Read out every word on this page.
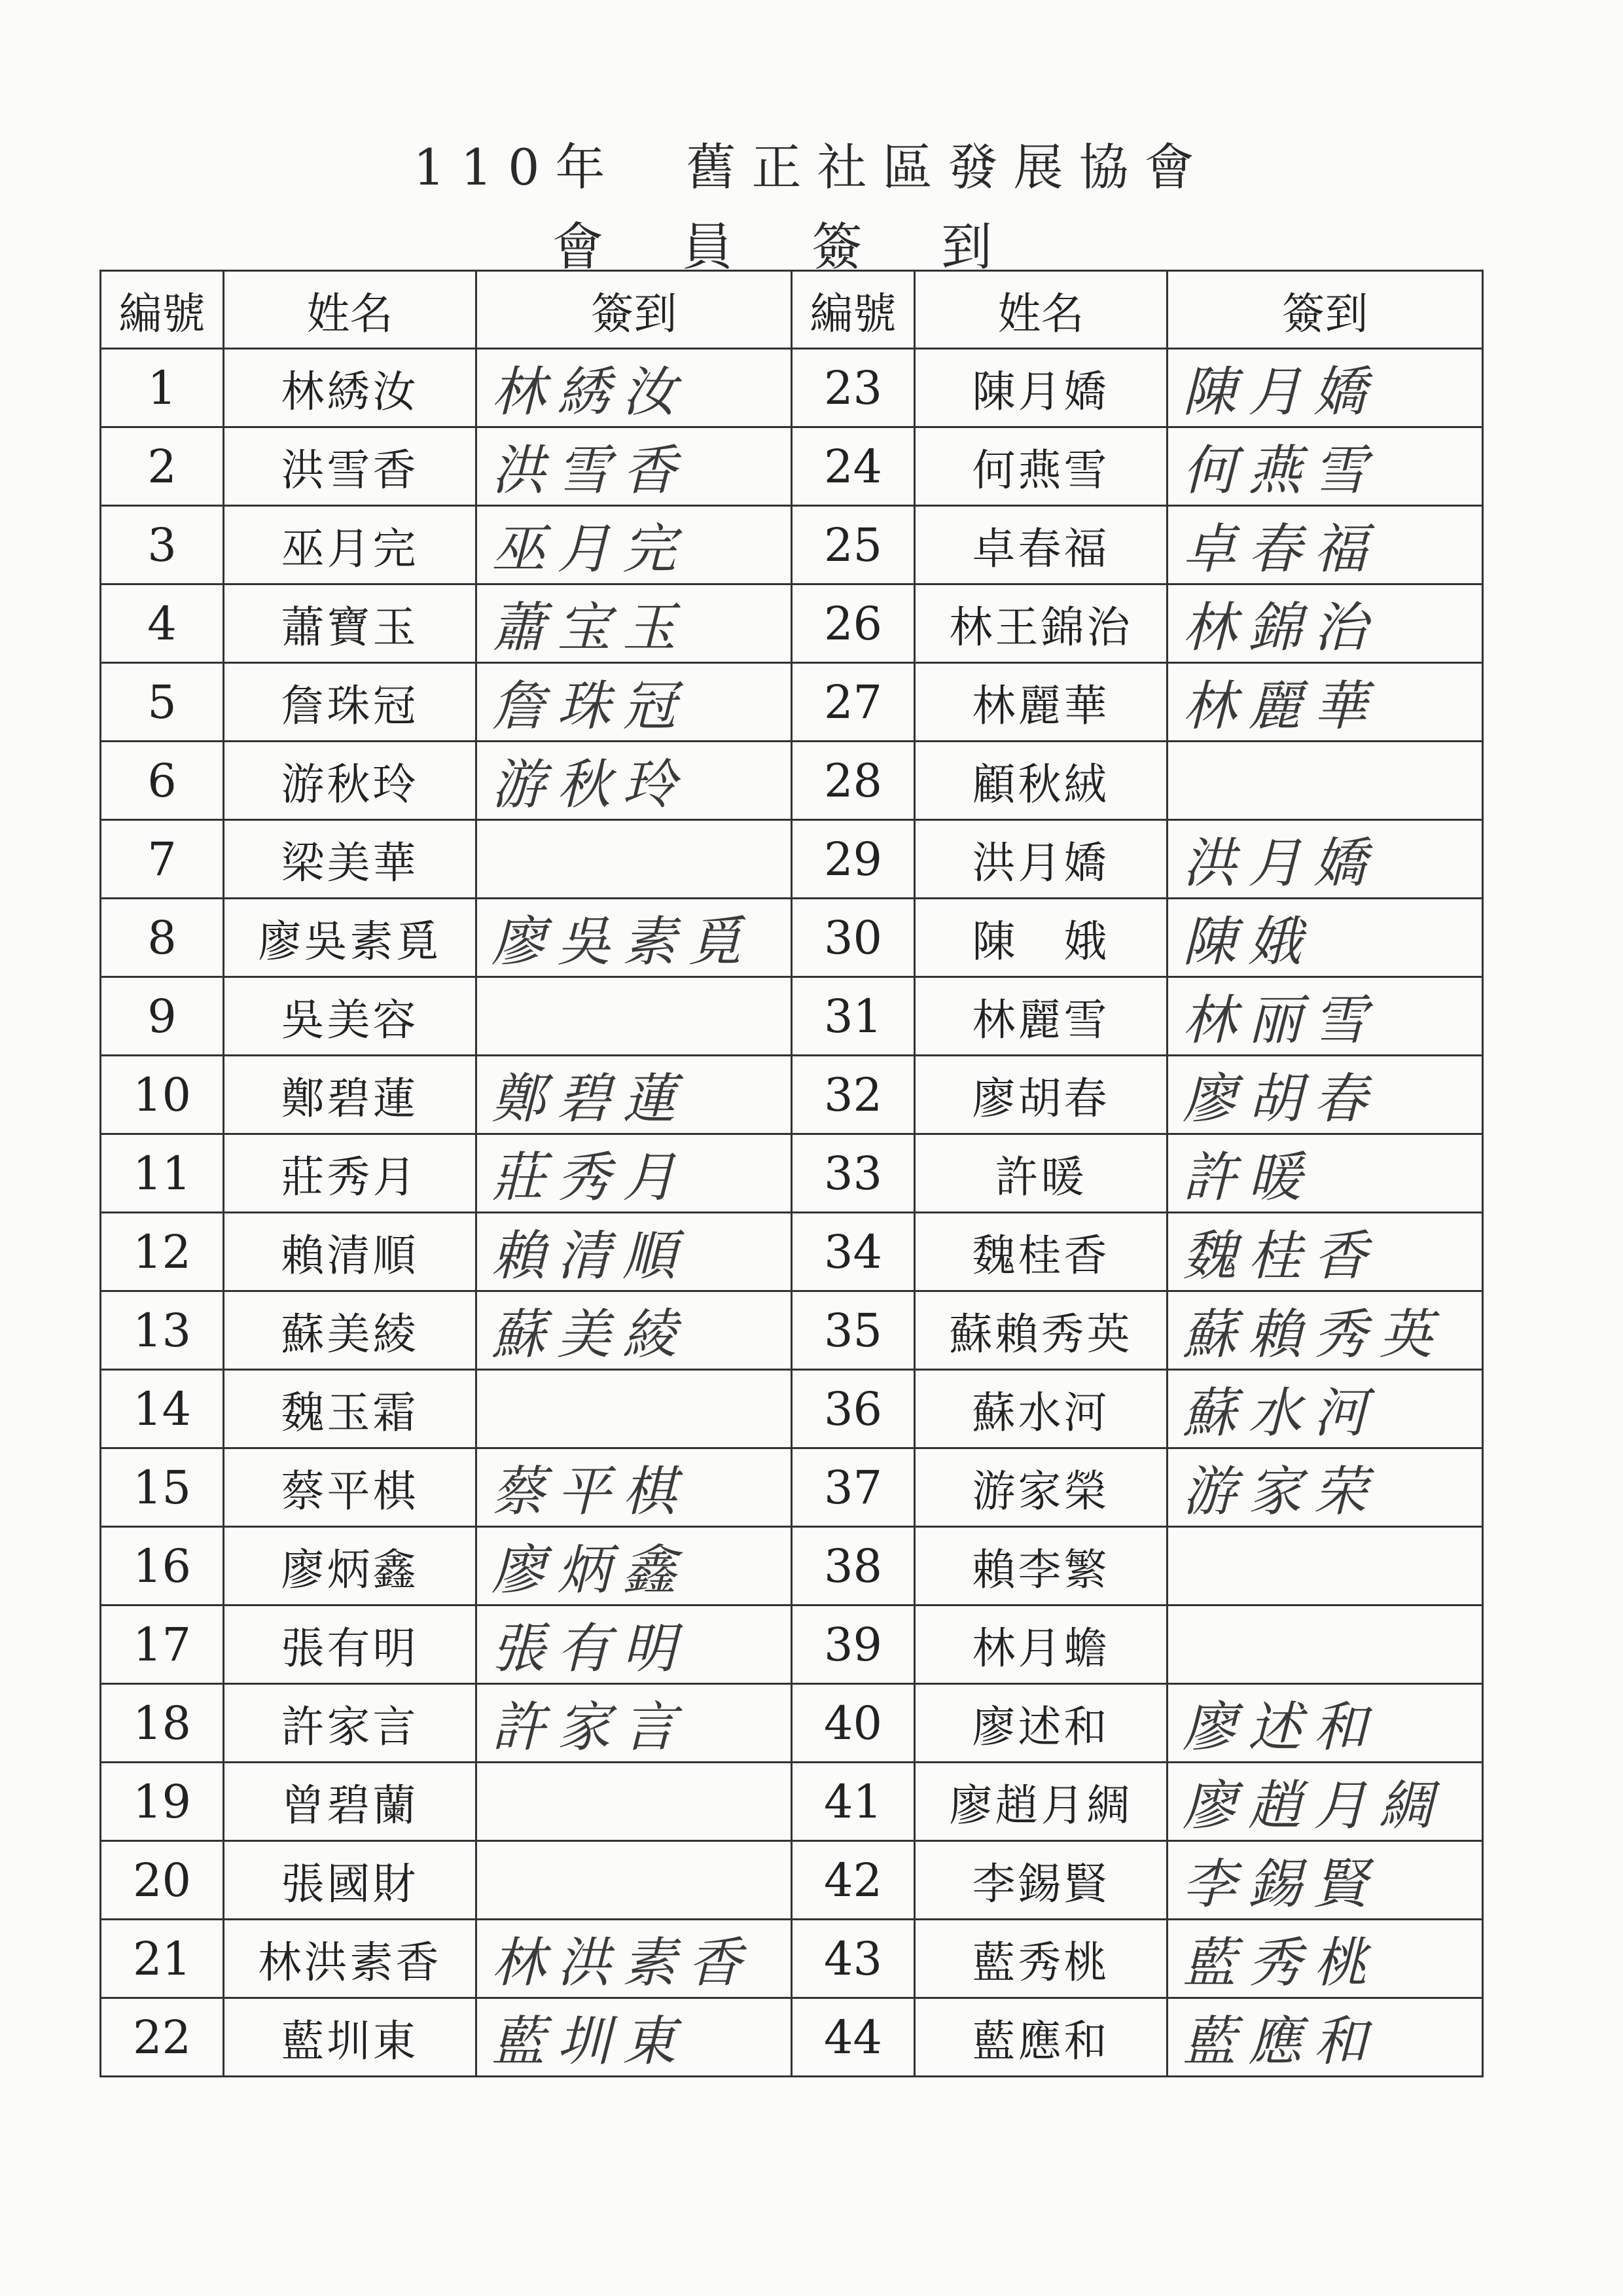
110年　舊正社區發展協會
會員簽到
編號	姓名	簽到	編號	姓名	簽到
1	林綉汝	林綉汝	23	陳月嬌	陳月嬌
2	洪雪香	洪雪香	24	何燕雪	何燕雪
3	巫月完	巫月完	25	卓春福	卓春福
4	蕭寶玉	蕭宝玉	26	林王錦治	林錦治
5	詹珠冠	詹珠冠	27	林麗華	林麗華
6	游秋玲	游秋玲	28	顧秋絨	
7	梁美華		29	洪月嬌	洪月嬌
8	廖吳素覓	廖吳素覓	30	陳　娥	陳娥
9	吳美容		31	林麗雪	林丽雪
10	鄭碧蓮	鄭碧蓮	32	廖胡春	廖胡春
11	莊秀月	莊秀月	33	許暖	許暖
12	賴清順	賴清順	34	魏桂香	魏桂香
13	蘇美綾	蘇美綾	35	蘇賴秀英	蘇賴秀英
14	魏玉霜		36	蘇水河	蘇水河
15	蔡平棋	蔡平棋	37	游家榮	游家荣
16	廖炳鑫	廖炳鑫	38	賴李繁	
17	張有明	張有明	39	林月蟾	
18	許家言	許家言	40	廖述和	廖述和
19	曾碧蘭		41	廖趙月綢	廖趙月綢
20	張國財		42	李錫賢	李錫賢
21	林洪素香	林洪素香	43	藍秀桃	藍秀桃
22	藍圳東	藍圳東	44	藍應和	藍應和
